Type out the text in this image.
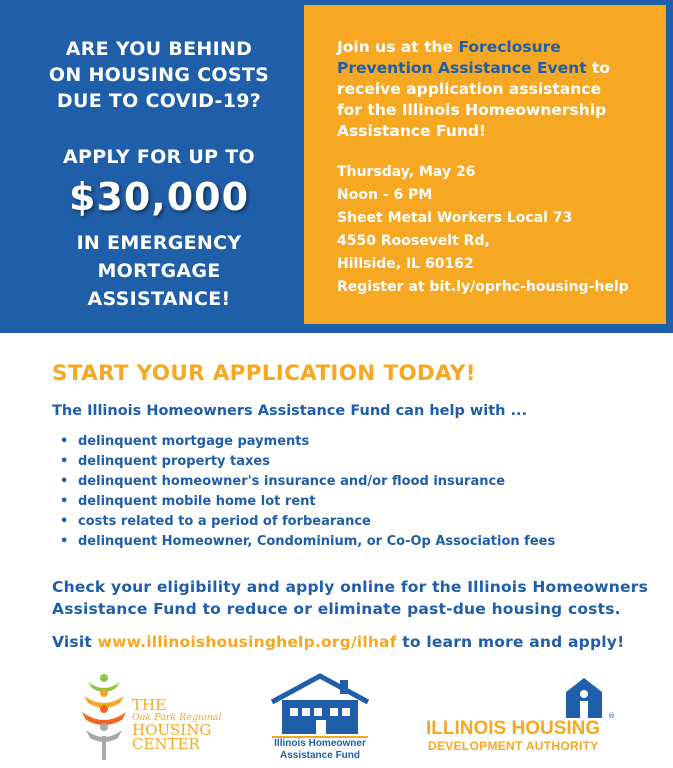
ARE YOU BEHIND
ON HOUSING COSTS
DUE TO COVID-19?
APPLY FOR UP TO
$30,000
IN EMERGENCY
MORTGAGE
ASSISTANCE!
Join us at the Foreclosure
Prevention Assistance Event to
receive application assistance
for the Illinois Homeownership
Assistance Fund!
Thursday, May 26
Noon - 6 PM
Sheet Metal Workers Local 73
4550 Roosevelt Rd,
Hillside, IL 60162
Register at bit.ly/oprhc-housing-help
START YOUR APPLICATION TODAY!
The Illinois Homeowners Assistance Fund can help with ...
• delinquent mortgage payments
• delinquent property taxes
• delinquent homeowner's insurance and/or flood insurance
• delinquent mobile home lot rent
• costs related to a period of forbearance
• delinquent Homeowner, Condominium, or Co-Op Association fees
Check your eligibility and apply online for the Illinois Homeowners
Assistance Fund to reduce or eliminate past-due housing costs.
Visit www.illinoishousinghelp.org/ilhaf to learn more and apply!
THE
Oak Park Regional
HOUSING
CENTER	Illinois Homeowner
Assistance Fund
®
ILLINOIS HOUSING
DEVELOPMENT AUTHORITY
